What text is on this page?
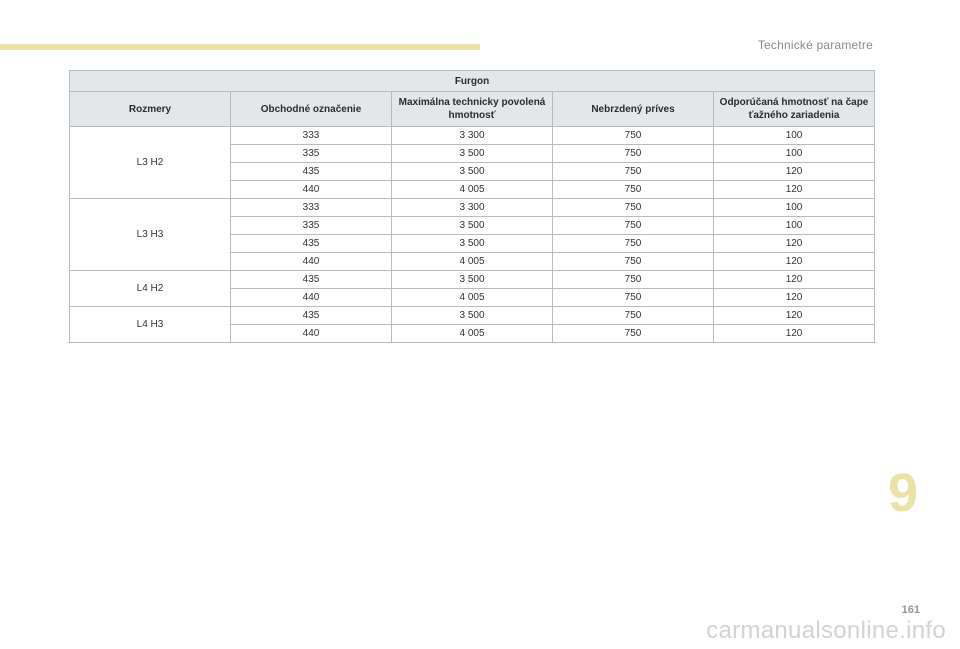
Technické parametre
Furgon				
Rozmery	Obchodné označenie	Maximálna technicky povolená hmotnosť	Nebrzdený príves	Odporúčaná hmotnosť na čape ťažného zariadenia
L3 H2	333	3 300	750	100
	335	3 500	750	100
	435	3 500	750	120
	440	4 005	750	120
L3 H3	333	3 300	750	100
	335	3 500	750	100
	435	3 500	750	120
	440	4 005	750	120
L4 H2	435	3 500	750	120
	440	4 005	750	120
L4 H3	435	3 500	750	120
	440	4 005	750	120
9
161
carmanualsonline.info
